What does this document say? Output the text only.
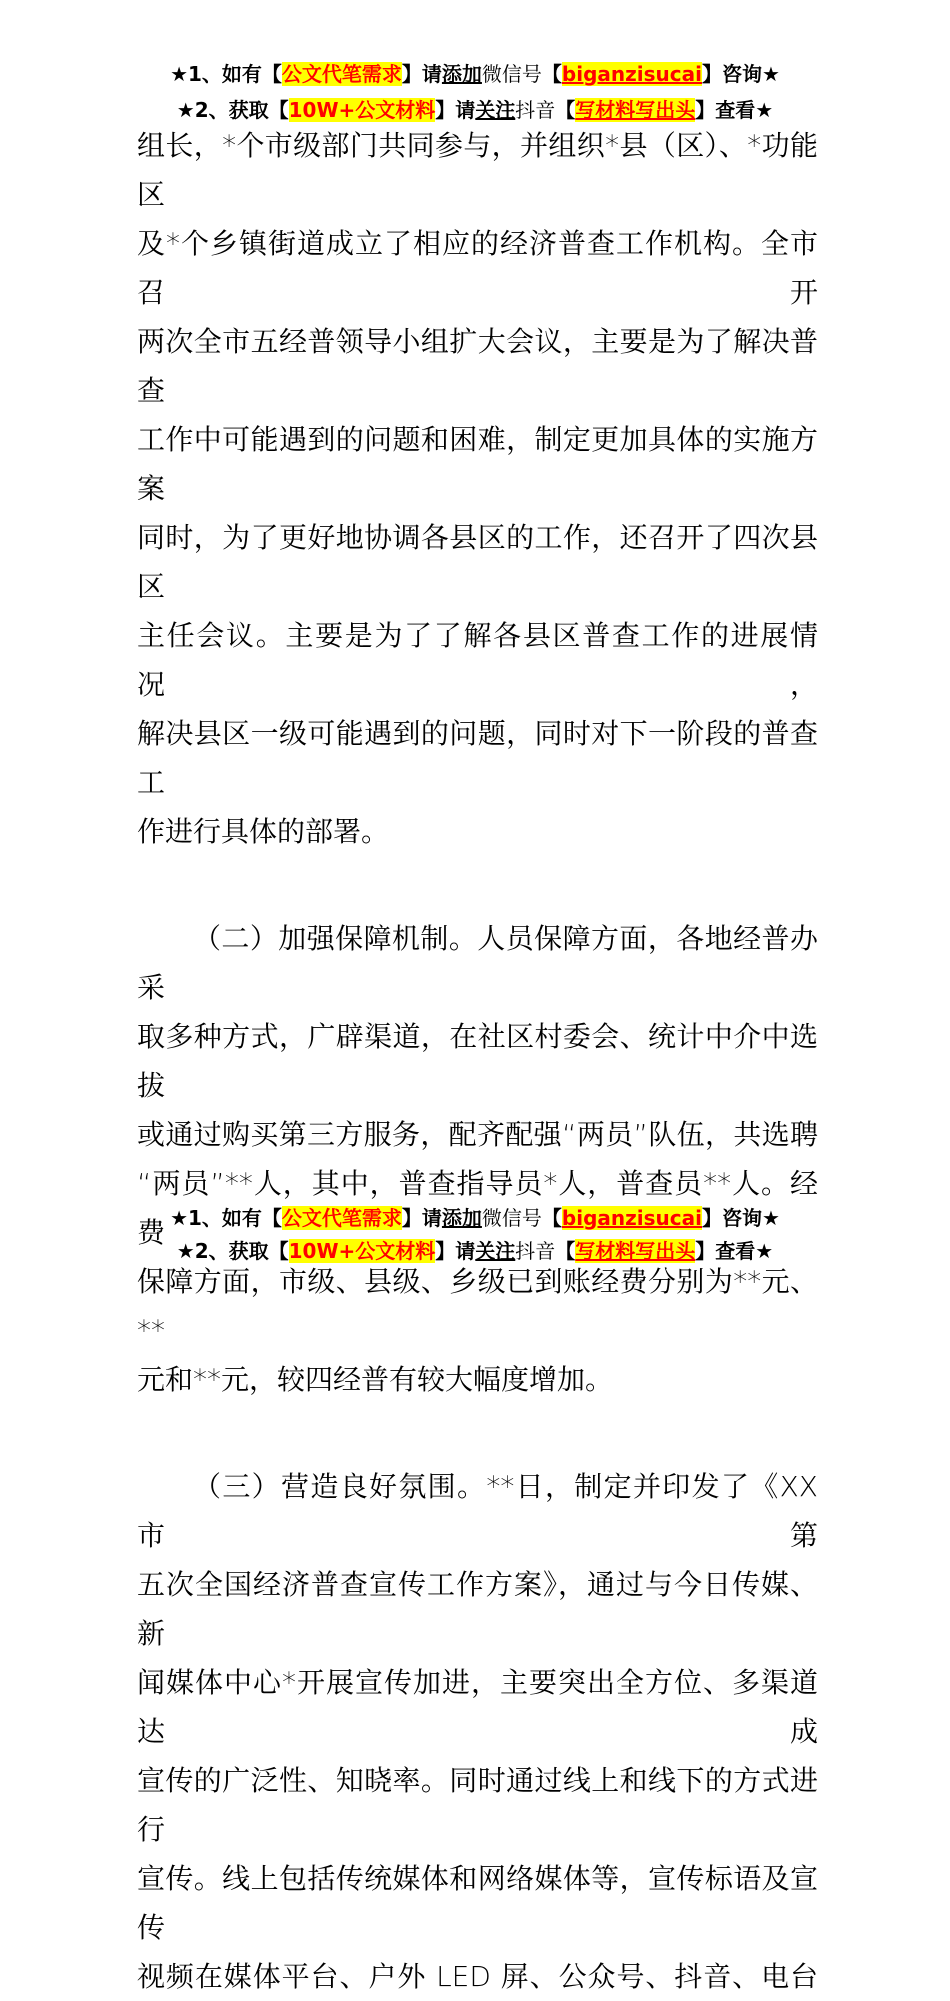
★1、如有【公文代笔需求】请添加微信号【biganzisucai】咨询★
★2、获取【10W+公文材料】请关注抖音【写材料写出头】查看★
组长，*个市级部门共同参与，并组织*县（区）、*功能区
及*个乡镇街道成立了相应的经济普查工作机构。全市召开
两次全市五经普领导小组扩大会议，主要是为了解决普查
工作中可能遇到的问题和困难，制定更加具体的实施方案
同时，为了更好地协调各县区的工作，还召开了四次县区
主任会议。主要是为了了解各县区普查工作的进展情况，
解决县区一级可能遇到的问题，同时对下一阶段的普查工
作进行具体的部署。
（二）加强保障机制。人员保障方面，各地经普办采
取多种方式，广辟渠道，在社区村委会、统计中介中选拔
或通过购买第三方服务，配齐配强“两员”队伍，共选聘
“两员”**人，其中，普查指导员*人，普查员**人。经费
保障方面，市级、县级、乡级已到账经费分别为**元、**
元和**元，较四经普有较大幅度增加。
（三）营造良好氛围。**日，制定并印发了《XX 市第
五次全国经济普查宣传工作方案》，通过与今日传媒、新
闻媒体中心*开展宣传加进，主要突出全方位、多渠道达成
宣传的广泛性、知晓率。同时通过线上和线下的方式进行
宣传。线上包括传统媒体和网络媒体等，宣传标语及宣传
视频在媒体平台、户外 LED 屏、公众号、抖音、电台
★1、如有【公文代笔需求】请添加微信号【biganzisucai】咨询★
★2、获取【10W+公文材料】请关注抖音【写材料写出头】查看★
